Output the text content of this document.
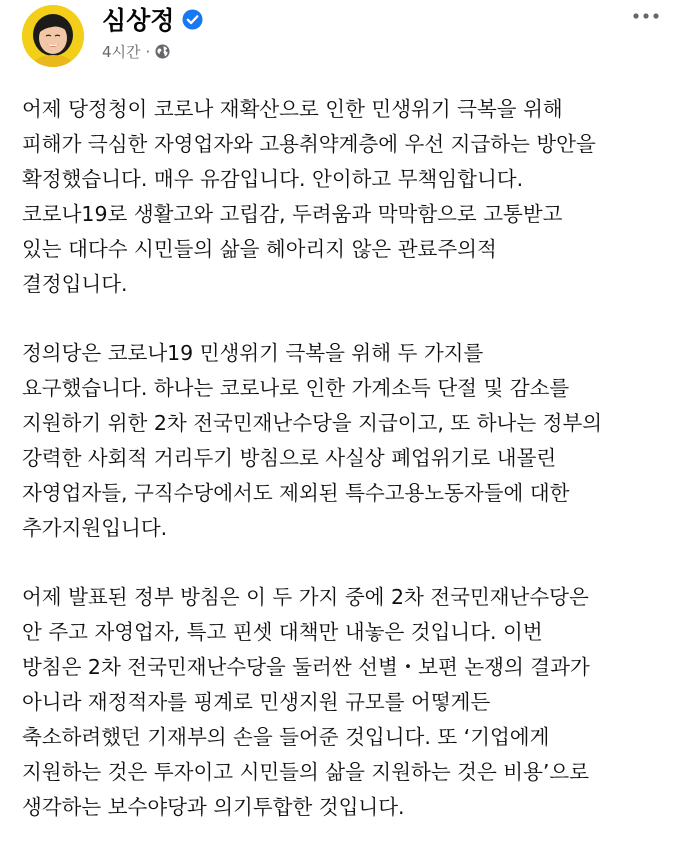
심상정
4시간 ·

어제 당정청이 코로나 재확산으로 인한 민생위기 극복을 위해
피해가 극심한 자영업자와 고용취약계층에 우선 지급하는 방안을
확정했습니다. 매우 유감입니다. 안이하고 무책임합니다.
코로나19로 생활고와 고립감, 두려움과 막막함으로 고통받고
있는 대다수 시민들의 삶을 헤아리지 않은 관료주의적
결정입니다.

정의당은 코로나19 민생위기 극복을 위해 두 가지를
요구했습니다. 하나는 코로나로 인한 가계소득 단절 및 감소를
지원하기 위한 2차 전국민재난수당을 지급이고, 또 하나는 정부의
강력한 사회적 거리두기 방침으로 사실상 폐업위기로 내몰린
자영업자들, 구직수당에서도 제외된 특수고용노동자들에 대한
추가지원입니다.

어제 발표된 정부 방침은 이 두 가지 중에 2차 전국민재난수당은
안 주고 자영업자, 특고 핀셋 대책만 내놓은 것입니다. 이번
방침은 2차 전국민재난수당을 둘러싼 선별・보편 논쟁의 결과가
아니라 재정적자를 핑계로 민생지원 규모를 어떻게든
축소하려했던 기재부의 손을 들어준 것입니다. 또 ‘기업에게
지원하는 것은 투자이고 시민들의 삶을 지원하는 것은 비용’으로
생각하는 보수야당과 의기투합한 것입니다.
